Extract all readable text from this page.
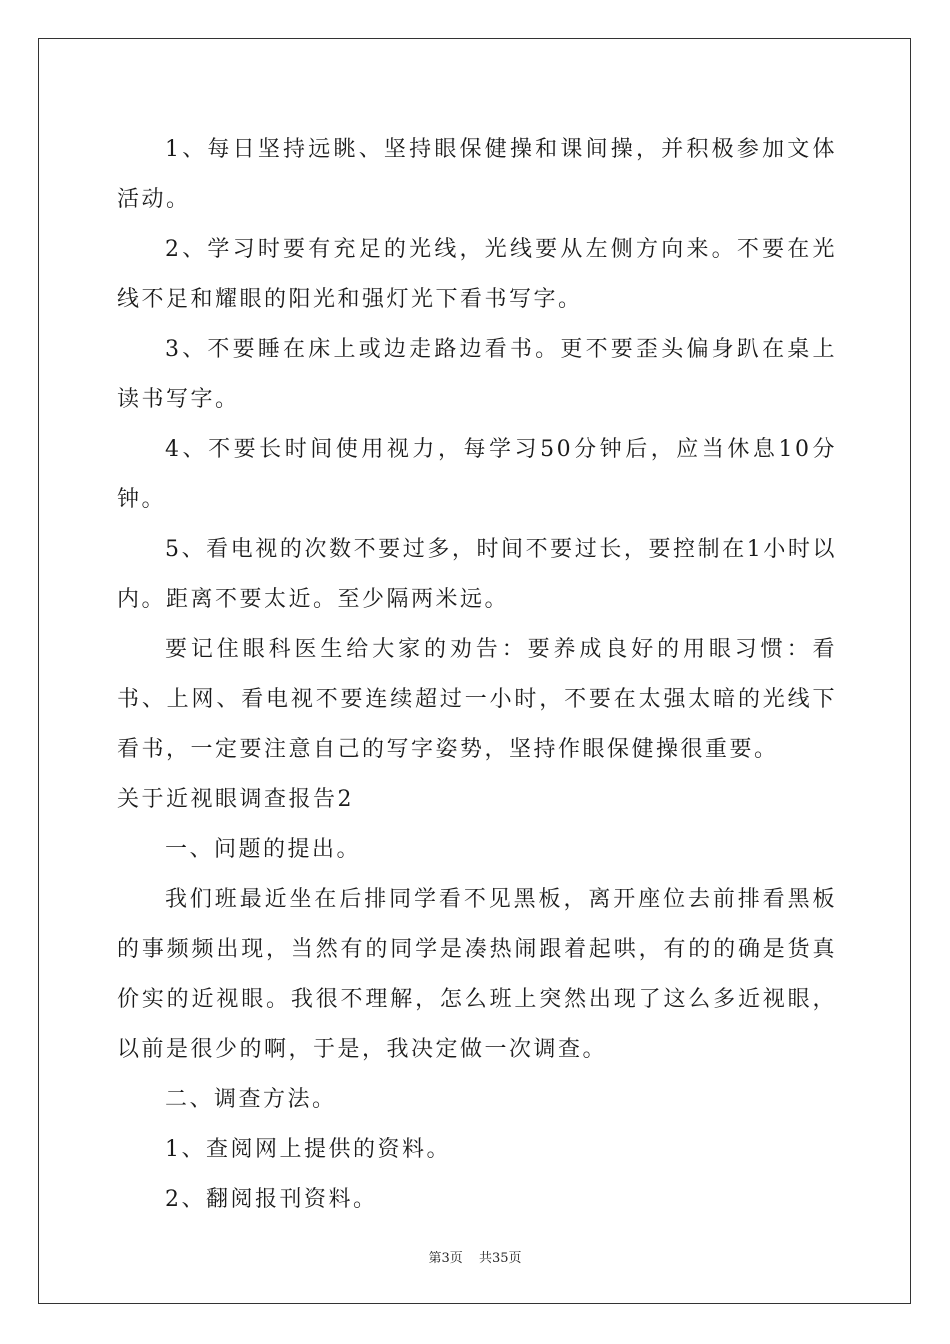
1、每日坚持远眺、坚持眼保健操和课间操，并积极参加文体活动。

2、学习时要有充足的光线，光线要从左侧方向来。不要在光线不足和耀眼的阳光和强灯光下看书写字。

3、不要睡在床上或边走路边看书。更不要歪头偏身趴在桌上读书写字。

4、不要长时间使用视力，每学习50分钟后，应当休息10分钟。

5、看电视的次数不要过多，时间不要过长，要控制在1小时以内。距离不要太近。至少隔两米远。

要记住眼科医生给大家的劝告：要养成良好的用眼习惯：看书、上网、看电视不要连续超过一小时，不要在太强太暗的光线下看书，一定要注意自己的写字姿势，坚持作眼保健操很重要。

关于近视眼调查报告2

一、问题的提出。

我们班最近坐在后排同学看不见黑板，离开座位去前排看黑板的事频频出现，当然有的同学是凑热闹跟着起哄，有的的确是货真价实的近视眼。我很不理解，怎么班上突然出现了这么多近视眼，以前是很少的啊，于是，我决定做一次调查。

二、调查方法。

1、查阅网上提供的资料。

2、翻阅报刊资料。

第3页 共35页
